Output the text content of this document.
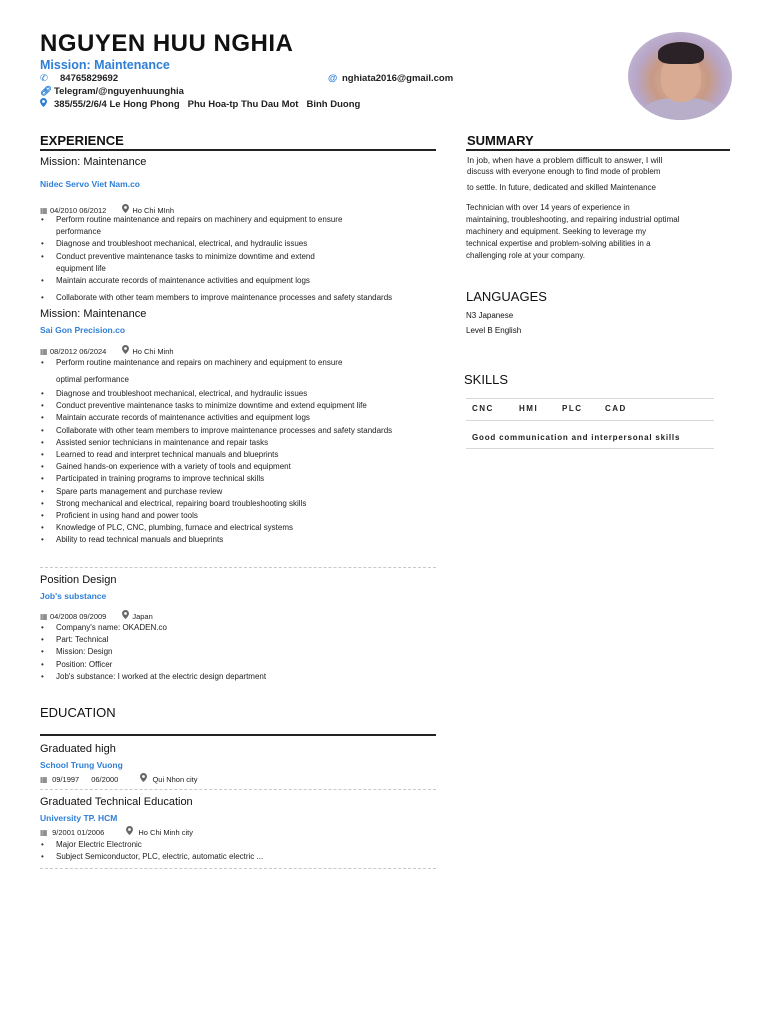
NGUYEN HUU NGHIA
Mission: Maintenance
✆ 84765829692	@ nghiata2016@gmail.com
🔗︎ Telegram/@nguyenhuunghia
385/55/2/6/4 Le Hong Phong Phu Hoa-tp Thu Dau Mot Binh Duong
EXPERIENCE
Mission: Maintenance
Nidec Servo Viet Nam.co
▦ 04/2010 06/2012	Ho Chi MInh
• Perform routine maintenance and repairs on machinery and equipment to ensure
performance
• Diagnose and troubleshoot mechanical, electrical, and hydraulic issues
• Conduct preventive maintenance tasks to minimize downtime and extend
equipment life
• Maintain accurate records of maintenance activities and equipment logs
• Collaborate with other team members to improve maintenance processes and safety standards
Mission: Maintenance
Sai Gon Precision.co
▦ 08/2012 06/2024	Ho Chi Minh
• Perform routine maintenance and repairs on machinery and equipment to ensure
optimal performance
• Diagnose and troubleshoot mechanical, electrical, and hydraulic issues
• Conduct preventive maintenance tasks to minimize downtime and extend equipment life
• Maintain accurate records of maintenance activities and equipment logs
• Collaborate with other team members to improve maintenance processes and safety standards
• Assisted senior technicians in maintenance and repair tasks
• Learned to read and interpret technical manuals and blueprints
• Gained hands-on experience with a variety of tools and equipment
• Participated in training programs to improve technical skills
• Spare parts management and purchase review
• Strong mechanical and electrical, repairing board troubleshooting skills
• Proficient in using hand and power tools
• Knowledge of PLC, CNC, plumbing, furnace and electrical systems
• Ability to read technical manuals and blueprints
Position Design
Job's substance
▦ 04/2008 09/2009	Japan
• Company's name: OKADEN.co
• Part: Technical
• Mission: Design
• Position: Officer
• Job's substance: I worked at the electric design department
EDUCATION
Graduated high
School Trung Vuong
▦ 09/1997 06/2000	Qui Nhon city
Graduated Technical Education
University TP. HCM
▦ 9/2001 01/2006	Ho Chi Minh city
• Major Electric Electronic
• Subject Semiconductor, PLC, electric, automatic electric ...
SUMMARY
In job, when have a problem difficult to answer, I will
discuss with everyone enough to find mode of problem
to settle. In future, dedicated and skilled Maintenance
Technician with over 14 years of experience in
maintaining, troubleshooting, and repairing industrial optimal
machinery and equipment. Seeking to leverage my
technical expertise and problem-solving abilities in a
challenging role at your company.
LANGUAGES
N3 Japanese
Level B English
SKILLS
CNC	HMI	PLC	CAD
Good communication and interpersonal skills
